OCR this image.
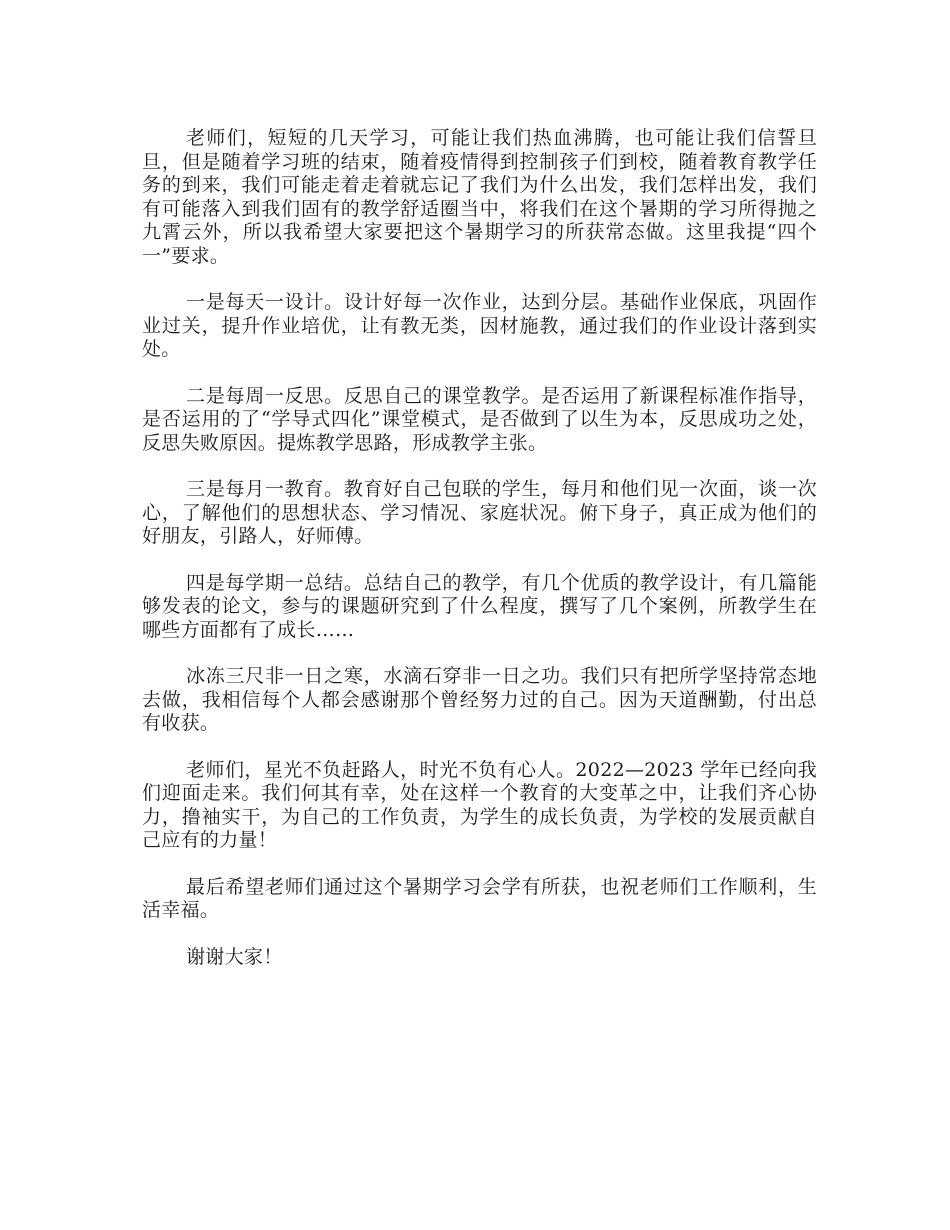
老师们，短短的几天学习，可能让我们热血沸腾，也可能让我们信誓旦旦，但是随着学习班的结束，随着疫情得到控制孩子们到校，随着教育教学任务的到来，我们可能走着走着就忘记了我们为什么出发，我们怎样出发，我们有可能落入到我们固有的教学舒适圈当中，将我们在这个暑期的学习所得抛之九霄云外，所以我希望大家要把这个暑期学习的所获常态做。这里我提“四个一”要求。

一是每天一设计。设计好每一次作业，达到分层。基础作业保底，巩固作业过关，提升作业培优，让有教无类，因材施教，通过我们的作业设计落到实处。

二是每周一反思。反思自己的课堂教学。是否运用了新课程标准作指导，是否运用的了“学导式四化”课堂模式，是否做到了以生为本，反思成功之处，反思失败原因。提炼教学思路，形成教学主张。

三是每月一教育。教育好自己包联的学生，每月和他们见一次面，谈一次心，了解他们的思想状态、学习情况、家庭状况。俯下身子，真正成为他们的好朋友，引路人，好师傅。

四是每学期一总结。总结自己的教学，有几个优质的教学设计，有几篇能够发表的论文，参与的课题研究到了什么程度，撰写了几个案例，所教学生在哪些方面都有了成长……

冰冻三尺非一日之寒，水滴石穿非一日之功。我们只有把所学坚持常态地去做，我相信每个人都会感谢那个曾经努力过的自己。因为天道酬勤，付出总有收获。

老师们，星光不负赶路人，时光不负有心人。2022—2023 学年已经向我们迎面走来。我们何其有幸，处在这样一个教育的大变革之中，让我们齐心协力，撸袖实干，为自己的工作负责，为学生的成长负责，为学校的发展贡献自己应有的力量！

最后希望老师们通过这个暑期学习会学有所获，也祝老师们工作顺利，生活幸福。

谢谢大家！
